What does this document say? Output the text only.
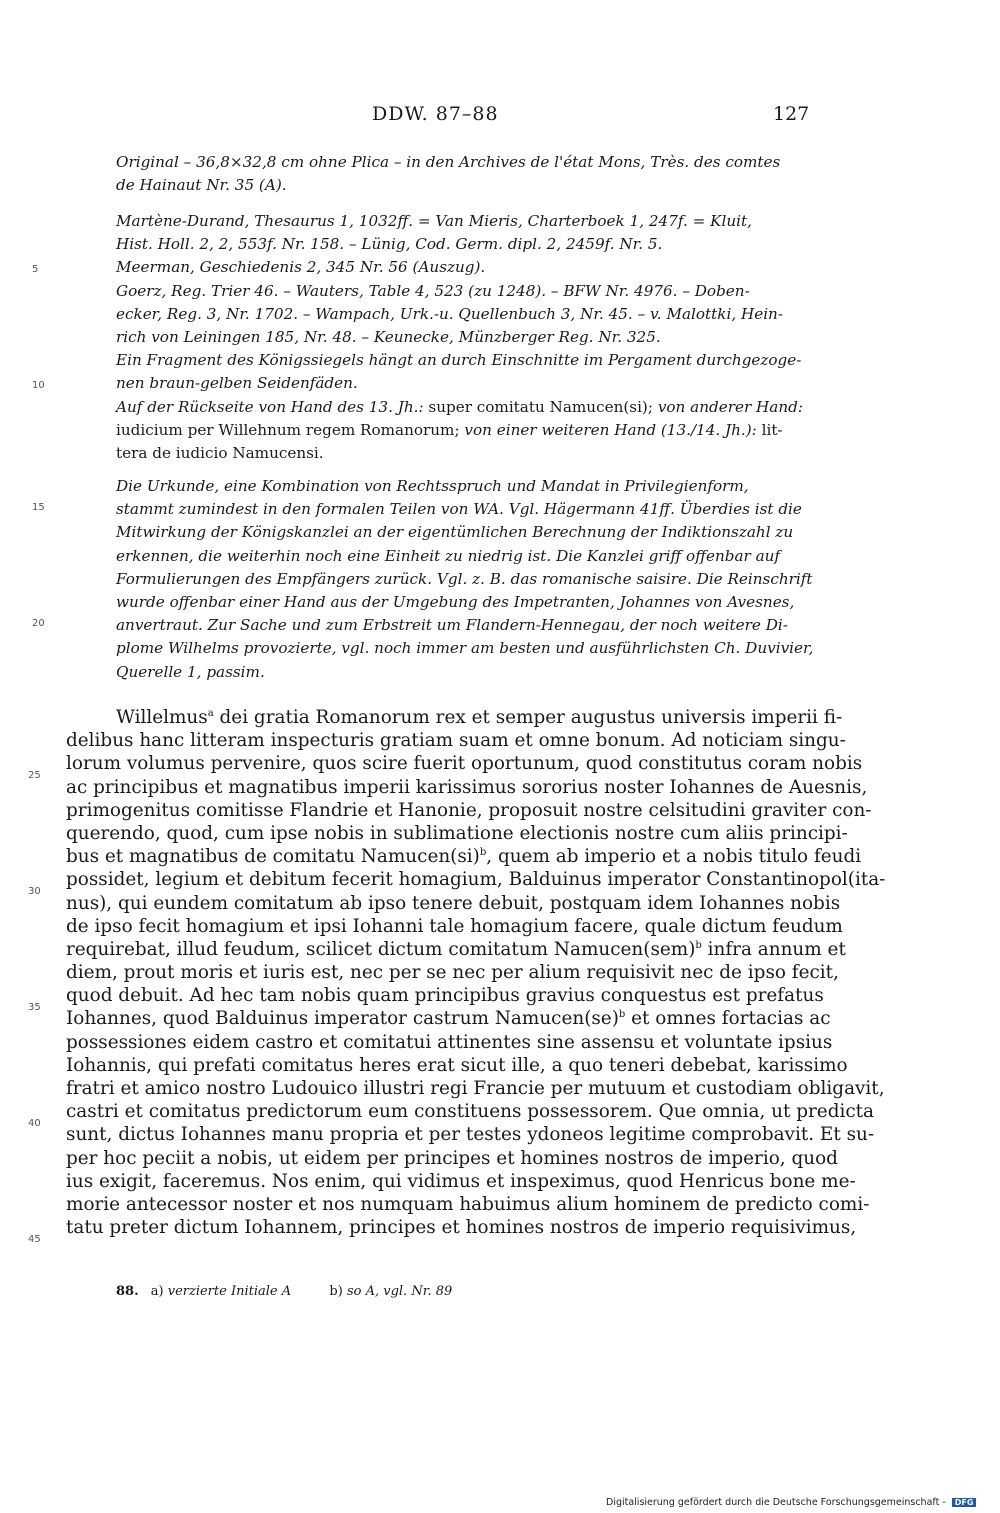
DDW. 87–88	127
Original – 36,8×32,8 cm ohne Plica – in den Archives de l'état Mons, Très. des comtes
de Hainaut Nr. 35 (A).
Martène-Durand, Thesaurus 1, 1032ff. = Van Mieris, Charterboek 1, 247f. = Kluit,
Hist. Holl. 2, 2, 553f. Nr. 158. – Lünig, Cod. Germ. dipl. 2, 2459f. Nr. 5.
Meerman, Geschiedenis 2, 345 Nr. 56 (Auszug).
Goerz, Reg. Trier 46. – Wauters, Table 4, 523 (zu 1248). – BFW Nr. 4976. – Doben-
ecker, Reg. 3, Nr. 1702. – Wampach, Urk.-u. Quellenbuch 3, Nr. 45. – v. Malottki, Hein-
rich von Leiningen 185, Nr. 48. – Keunecke, Münzberger Reg. Nr. 325.
Ein Fragment des Königssiegels hängt an durch Einschnitte im Pergament durchgezoge-
nen braun-gelben Seidenfäden.
Auf der Rückseite von Hand des 13. Jh.: super comitatu Namucen(si); von anderer Hand:
iudicium per Willehnum regem Romanorum; von einer weiteren Hand (13./14. Jh.): lit-
tera de iudicio Namucensi.
Die Urkunde, eine Kombination von Rechtsspruch und Mandat in Privilegienform,
stammt zumindest in den formalen Teilen von WA. Vgl. Hägermann 41ff. Überdies ist die
Mitwirkung der Königskanzlei an der eigentümlichen Berechnung der Indiktionszahl zu
erkennen, die weiterhin noch eine Einheit zu niedrig ist. Die Kanzlei griff offenbar auf
Formulierungen des Empfängers zurück. Vgl. z. B. das romanische saisire. Die Reinschrift
wurde offenbar einer Hand aus der Umgebung des Impetranten, Johannes von Avesnes,
anvertraut. Zur Sache und zum Erbstreit um Flandern-Hennegau, der noch weitere Di-
plome Wilhelms provozierte, vgl. noch immer am besten und ausführlichsten Ch. Duvivier,
Querelle 1, passim.
5
10
15
20
Willelmus$^a$ dei gratia Romanorum rex et semper augustus universis imperii fi-
delibus hanc litteram inspecturis gratiam suam et omne bonum. Ad noticiam singu-
lorum volumus pervenire, quos scire fuerit oportunum, quod constitutus coram nobis
ac principibus et magnatibus imperii karissimus sororius noster Iohannes de Auesnis,
primogenitus comitisse Flandrie et Hanonie, proposuit nostre celsitudini graviter con-
querendo, quod, cum ipse nobis in sublimatione electionis nostre cum aliis principi-
bus et magnatibus de comitatu Namucen(si)$^b$, quem ab imperio et a nobis titulo feudi
possidet, legium et debitum fecerit homagium, Balduinus imperator Constantinopol(ita-
nus), qui eundem comitatum ab ipso tenere debuit, postquam idem Iohannes nobis
de ipso fecit homagium et ipsi Iohanni tale homagium facere, quale dictum feudum
requirebat, illud feudum, scilicet dictum comitatum Namucen(sem)$^b$ infra annum et
diem, prout moris et iuris est, nec per se nec per alium requisivit nec de ipso fecit,
quod debuit. Ad hec tam nobis quam principibus gravius conquestus est prefatus
Iohannes, quod Balduinus imperator castrum Namucen(se)$^b$ et omnes fortacias ac
possessiones eidem castro et comitatui attinentes sine assensu et voluntate ipsius
Iohannis, qui prefati comitatus heres erat sicut ille, a quo teneri debebat, karissimo
fratri et amico nostro Ludouico illustri regi Francie per mutuum et custodiam obligavit,
castri et comitatus predictorum eum constituens possessorem. Que omnia, ut predicta
sunt, dictus Iohannes manu propria et per testes ydoneos legitime comprobavit. Et su-
per hoc peciit a nobis, ut eidem per principes et homines nostros de imperio, quod
ius exigit, faceremus. Nos enim, qui vidimus et inspeximus, quod Henricus bone me-
morie antecessor noster et nos numquam habuimus alium hominem de predicto comi-
tatu preter dictum Iohannem, principes et homines nostros de imperio requisivimus,
25
30
35
40
45
88. a) verzierte Initiale A	b) so A, vgl. Nr. 89
Digitalisierung gefördert durch die Deutsche Forschungsgemeinschaft - DFG
